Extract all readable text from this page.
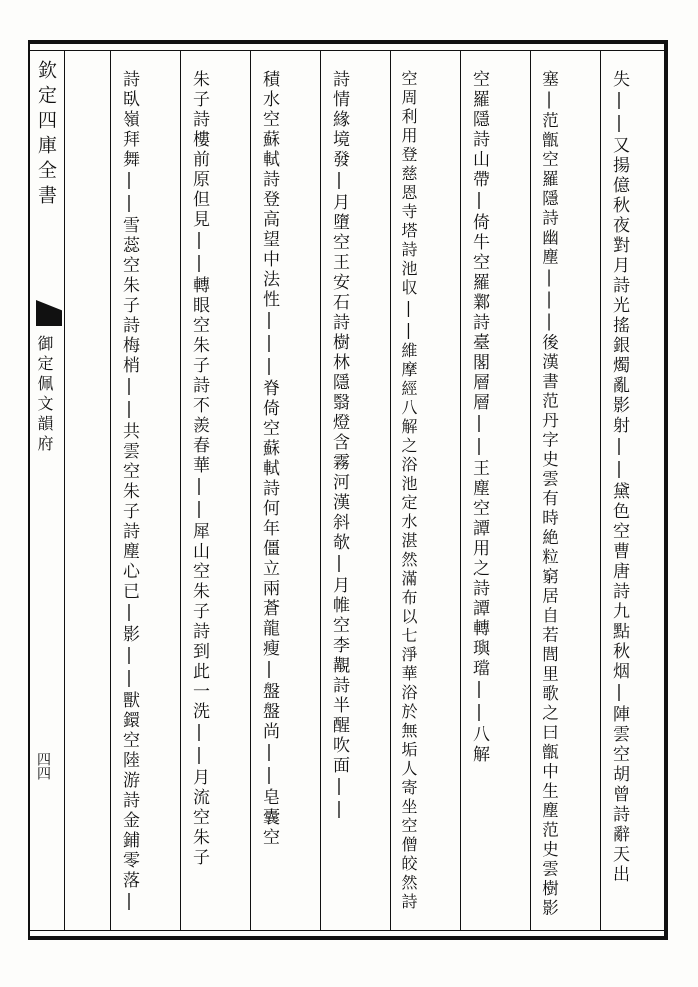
欽定四庫全書
御定佩文韻府
四四	失||又揚億秋夜對月詩光搖銀燭亂影射||黛色空曹唐詩九點秋烟|陣雲空胡曾詩辭天出
塞|范甑空羅隱詩幽塵|||後漢書范丹字史雲有時絶粒窮居自若閭里歌之曰甑中生塵范史雲樹影
空羅隱詩山帶|倚牛空羅鄴詩臺閣層層||王塵空譚用之詩譚轉璵璫||八解
空周利用登慈恩寺塔詩池収||維摩經八解之浴池定水湛然滿布以七淨華浴於無垢人寄坐空僧皎然詩
詩情緣境發|月墮空王安石詩樹林隱翳燈含霧河漢斜欹|月帷空李覯詩半醒吹面||
積水空蘇軾詩登高望中法性|||脊倚空蘇軾詩何年僵立兩蒼龍瘦|盤盤尚||皂囊空
朱子詩樓前原但見||轉眼空朱子詩不羨春華||犀山空朱子詩到此一洗||月流空朱子
詩臥嶺拜舞||雪蕊空朱子詩梅梢||共雲空朱子詩塵心已|影||獸鐶空陸游詩金鋪零落|
